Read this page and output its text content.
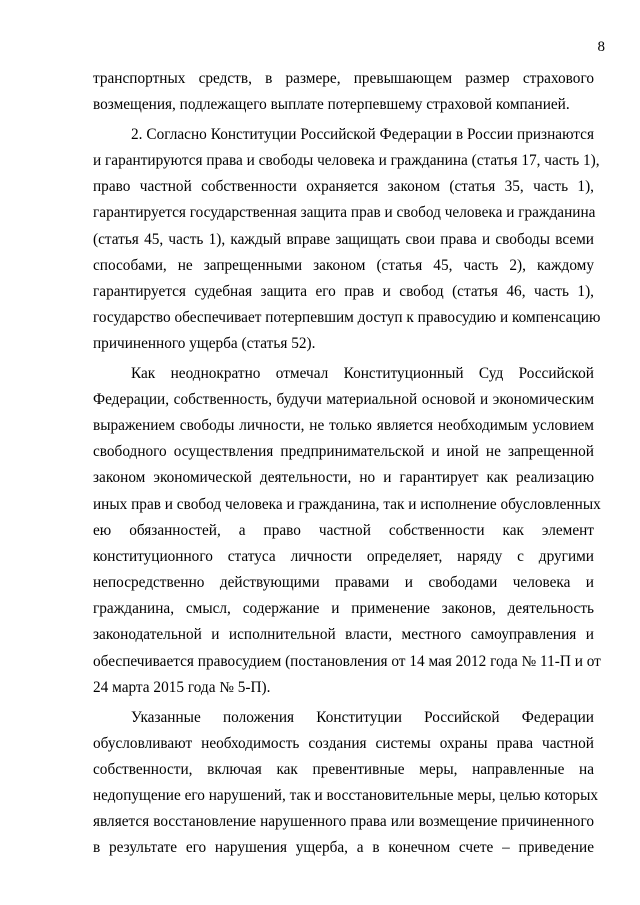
8
транспортных средств, в размере, превышающем размер страхового
возмещения, подлежащего выплате потерпевшему страховой компанией.
2. Согласно Конституции Российской Федерации в России признаются
и гарантируются права и свободы человека и гражданина (статья 17, часть 1),
право частной собственности охраняется законом (статья 35, часть 1),
гарантируется государственная защита прав и свобод человека и гражданина
(статья 45, часть 1), каждый вправе защищать свои права и свободы всеми
способами, не запрещенными законом (статья 45, часть 2), каждому
гарантируется судебная защита его прав и свобод (статья 46, часть 1),
государство обеспечивает потерпевшим доступ к правосудию и компенсацию
причиненного ущерба (статья 52).
Как неоднократно отмечал Конституционный Суд Российской
Федерации, собственность, будучи материальной основой и экономическим
выражением свободы личности, не только является необходимым условием
свободного осуществления предпринимательской и иной не запрещенной
законом экономической деятельности, но и гарантирует как реализацию
иных прав и свобод человека и гражданина, так и исполнение обусловленных
ею обязанностей, а право частной собственности как элемент
конституционного статуса личности определяет, наряду с другими
непосредственно действующими правами и свободами человека и
гражданина, смысл, содержание и применение законов, деятельность
законодательной и исполнительной власти, местного самоуправления и
обеспечивается правосудием (постановления от 14 мая 2012 года № 11-П и от
24 марта 2015 года № 5-П).
Указанные положения Конституции Российской Федерации
обусловливают необходимость создания системы охраны права частной
собственности, включая как превентивные меры, направленные на
недопущение его нарушений, так и восстановительные меры, целью которых
является восстановление нарушенного права или возмещение причиненного
в результате его нарушения ущерба, а в конечном счете – приведение
